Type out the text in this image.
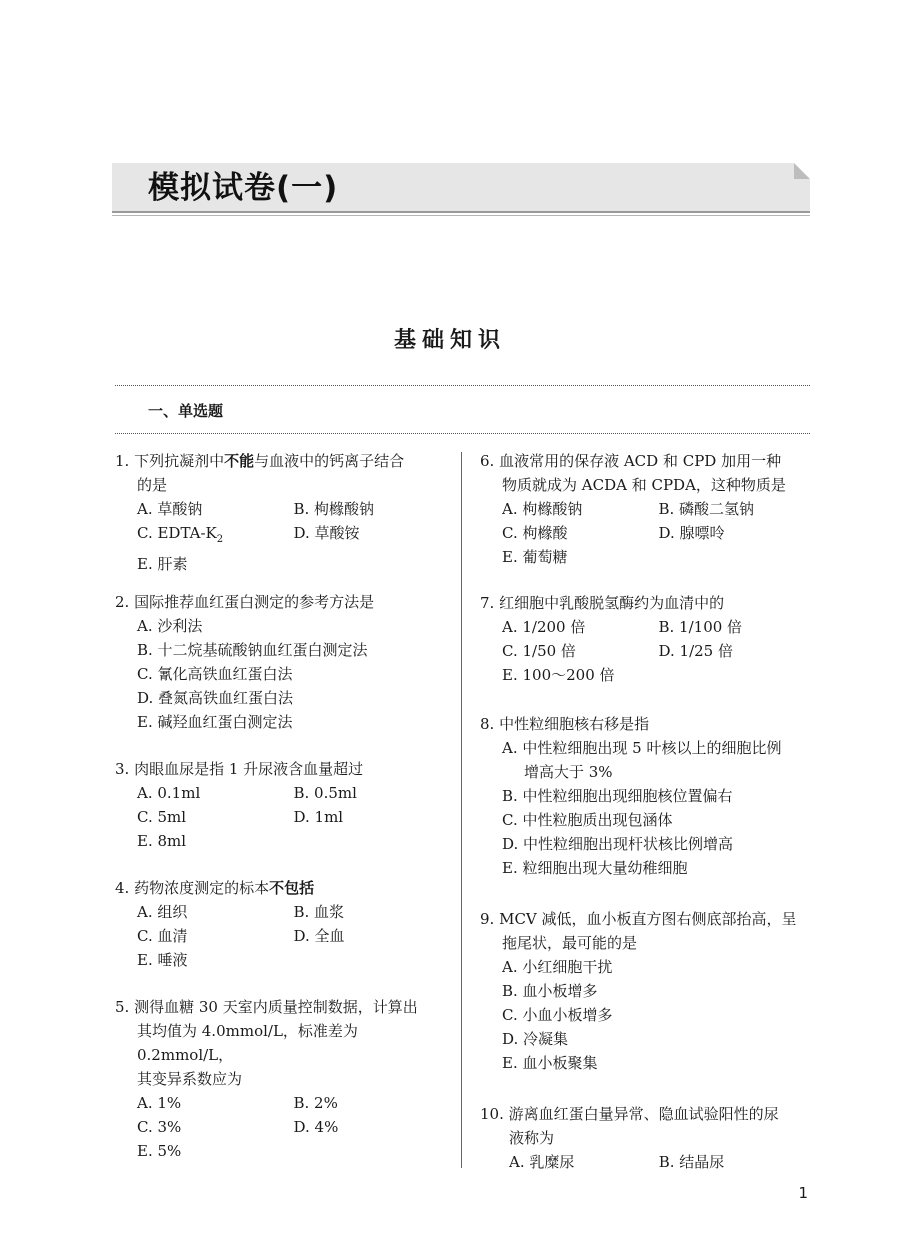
模拟试卷(一)
基础知识
一、单选题
1. 下列抗凝剂中不能与血液中的钙离子结合
的是
A. 草酸钠	B. 枸橼酸钠
C. EDTA-$K_2$	D. 草酸铵
E. 肝素
2. 国际推荐血红蛋白测定的参考方法是
A. 沙利法
B. 十二烷基硫酸钠血红蛋白测定法
C. 氰化高铁血红蛋白法
D. 叠氮高铁血红蛋白法
E. 碱羟血红蛋白测定法
3. 肉眼血尿是指 1 升尿液含血量超过
A. 0.1ml	B. 0.5ml
C. 5ml	D. 1ml
E. 8ml
4. 药物浓度测定的标本不包括
A. 组织	B. 血浆
C. 血清	D. 全血
E. 唾液
5. 测得血糖 30 天室内质量控制数据，计算出
其均值为 4.0mmol/L，标准差为 0.2mmol/L，
其变异系数应为
A. 1%	B. 2%
C. 3%	D. 4%
E. 5%
6. 血液常用的保存液 ACD 和 CPD 加用一种
物质就成为 ACDA 和 CPDA，这种物质是
A. 枸橼酸钠	B. 磷酸二氢钠
C. 枸橼酸	D. 腺嘌呤
E. 葡萄糖
7. 红细胞中乳酸脱氢酶约为血清中的
A. 1/200 倍	B. 1/100 倍
C. 1/50 倍	D. 1/25 倍
E. 100～200 倍
8. 中性粒细胞核右移是指
A. 中性粒细胞出现 5 叶核以上的细胞比例
增高大于 3%
B. 中性粒细胞出现细胞核位置偏右
C. 中性粒胞质出现包涵体
D. 中性粒细胞出现杆状核比例增高
E. 粒细胞出现大量幼稚细胞
9. MCV 减低，血小板直方图右侧底部抬高，呈
拖尾状，最可能的是
A. 小红细胞干扰
B. 血小板增多
C. 小血小板增多
D. 冷凝集
E. 血小板聚集
10. 游离血红蛋白量异常、隐血试验阳性的尿
液称为
A. 乳糜尿	B. 结晶尿
1
